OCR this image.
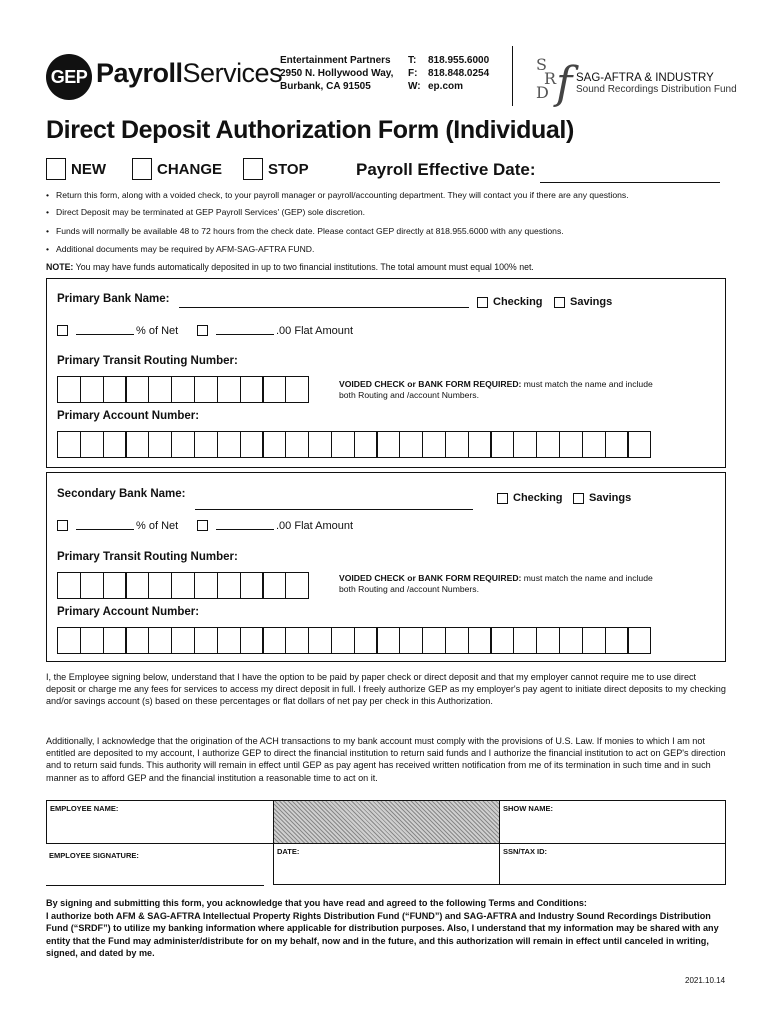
GEP PayrollServices
Entertainment Partners
2950 N. Hollywood Way,
Burbank, CA 91505
T: 818.955.6000
F: 818.848.0254
W: ep.com
S
R
D f SAG-AFTRA & INDUSTRY
Sound Recordings Distribution Fund
Direct Deposit Authorization Form (Individual)
NEW	CHANGE	STOP	Payroll Effective Date:
• Return this form, along with a voided check, to your payroll manager or payroll/accounting department. They will contact you if there are any questions.
• Direct Deposit may be terminated at GEP Payroll Services' (GEP) sole discretion.
• Funds will normally be available 48 to 72 hours from the check date. Please contact GEP directly at 818.955.6000 with any questions.
• Additional documents may be required by AFM-SAG-AFTRA FUND.
NOTE: You may have funds automatically deposited in up to two financial institutions. The total amount must equal 100% net.
Primary Bank Name:	Checking Savings
% of Net	.00 Flat Amount
Primary Transit Routing Number:
VOIDED CHECK or BANK FORM REQUIRED: must match the name and include both Routing and /account Numbers.
Primary Account Number:
Secondary Bank Name:	Checking Savings
% of Net	.00 Flat Amount
Primary Transit Routing Number:
VOIDED CHECK or BANK FORM REQUIRED: must match the name and include both Routing and /account Numbers.
Primary Account Number:
I, the Employee signing below, understand that I have the option to be paid by paper check or direct deposit and that my employer cannot require me to use direct deposit or charge me any fees for services to access my direct deposit in full. I freely authorize GEP as my employer's pay agent to initiate direct deposits to my checking and/or savings account (s) based on these percentages or flat dollars of net pay per check in this Authorization.
Additionally, I acknowledge that the origination of the ACH transactions to my bank account must comply with the provisions of U.S. Law. If monies to which I am not entitled are deposited to my account, I authorize GEP to direct the financial institution to return said funds and I authorize the financial institution to act on GEP's direction and to return said funds. This authority will remain in effect until GEP as pay agent has received written notification from me of its termination in such time and in such manner as to afford GEP and the financial institution a reasonable time to act on it.
EMPLOYEE NAME:	SHOW NAME:
EMPLOYEE SIGNATURE:	DATE:	SSN/TAX ID:
By signing and submitting this form, you acknowledge that you have read and agreed to the following Terms and Conditions:
I authorize both AFM & SAG-AFTRA Intellectual Property Rights Distribution Fund (“FUND”) and SAG-AFTRA and Industry Sound Recordings Distribution Fund (“SRDF”) to utilize my banking information where applicable for distribution purposes. Also, I understand that my information may be shared with any entity that the Fund may administer/distribute for on my behalf, now and in the future, and this authorization will remain in effect until canceled in writing, signed, and dated by me.
2021.10.14
